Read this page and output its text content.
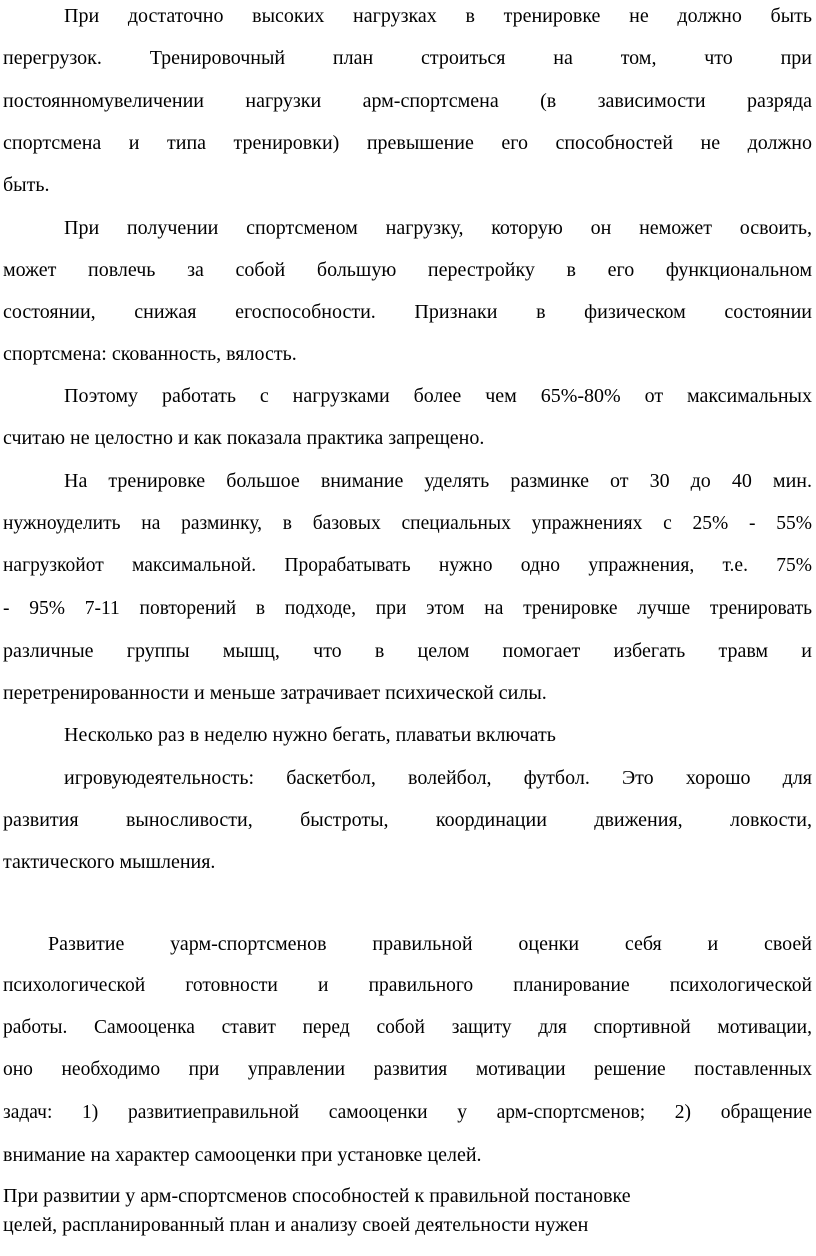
При достаточно высоких нагрузках в тренировке не должно быть
перегрузок. Тренировочный план строиться на том, что при
постоянномувеличении нагрузки арм-спортсмена (в зависимости разряда
спортсмена и типа тренировки) превышение его способностей не должно
быть.
При получении спортсменом нагрузку, которую он неможет освоить,
может повлечь за собой большую перестройку в его функциональном
состоянии, снижая егоспособности. Признаки в физическом состоянии
спортсмена: скованность, вялость.
Поэтому работать с нагрузками более чем 65%-80% от максимальных
считаю не целостно и как показала практика запрещено.
На тренировке большое внимание уделять разминке от 30 до 40 мин.
нужноуделить на разминку, в базовых специальных упражнениях с 25% - 55%
нагрузкойот максимальной. Прорабатывать нужно одно упражнения, т.е. 75%
- 95% 7-11 повторений в подходе, при этом на тренировке лучше тренировать
различные группы мышц, что в целом помогает избегать травм и
перетренированности и меньше затрачивает психической силы.
Несколько раз в неделю нужно бегать, плаватьи включать
игровуюдеятельность: баскетбол, волейбол, футбол. Это хорошо для
развития выносливости, быстроты, координации движения, ловкости,
тактического мышления.
Развитие уарм-спортсменов правильной оценки себя и своей
психологической готовности и правильного планирование психологической
работы. Самооценка ставит перед собой защиту для спортивной мотивации,
оно необходимо при управлении развития мотивации решение поставленных
задач: 1) развитиеправильной самооценки у арм-спортсменов; 2) обращение
внимание на характер самооценки при установке целей.
При развитии у арм-спортсменов способностей к правильной постановке
целей, распланированный план и анализу своей деятельности нужен
